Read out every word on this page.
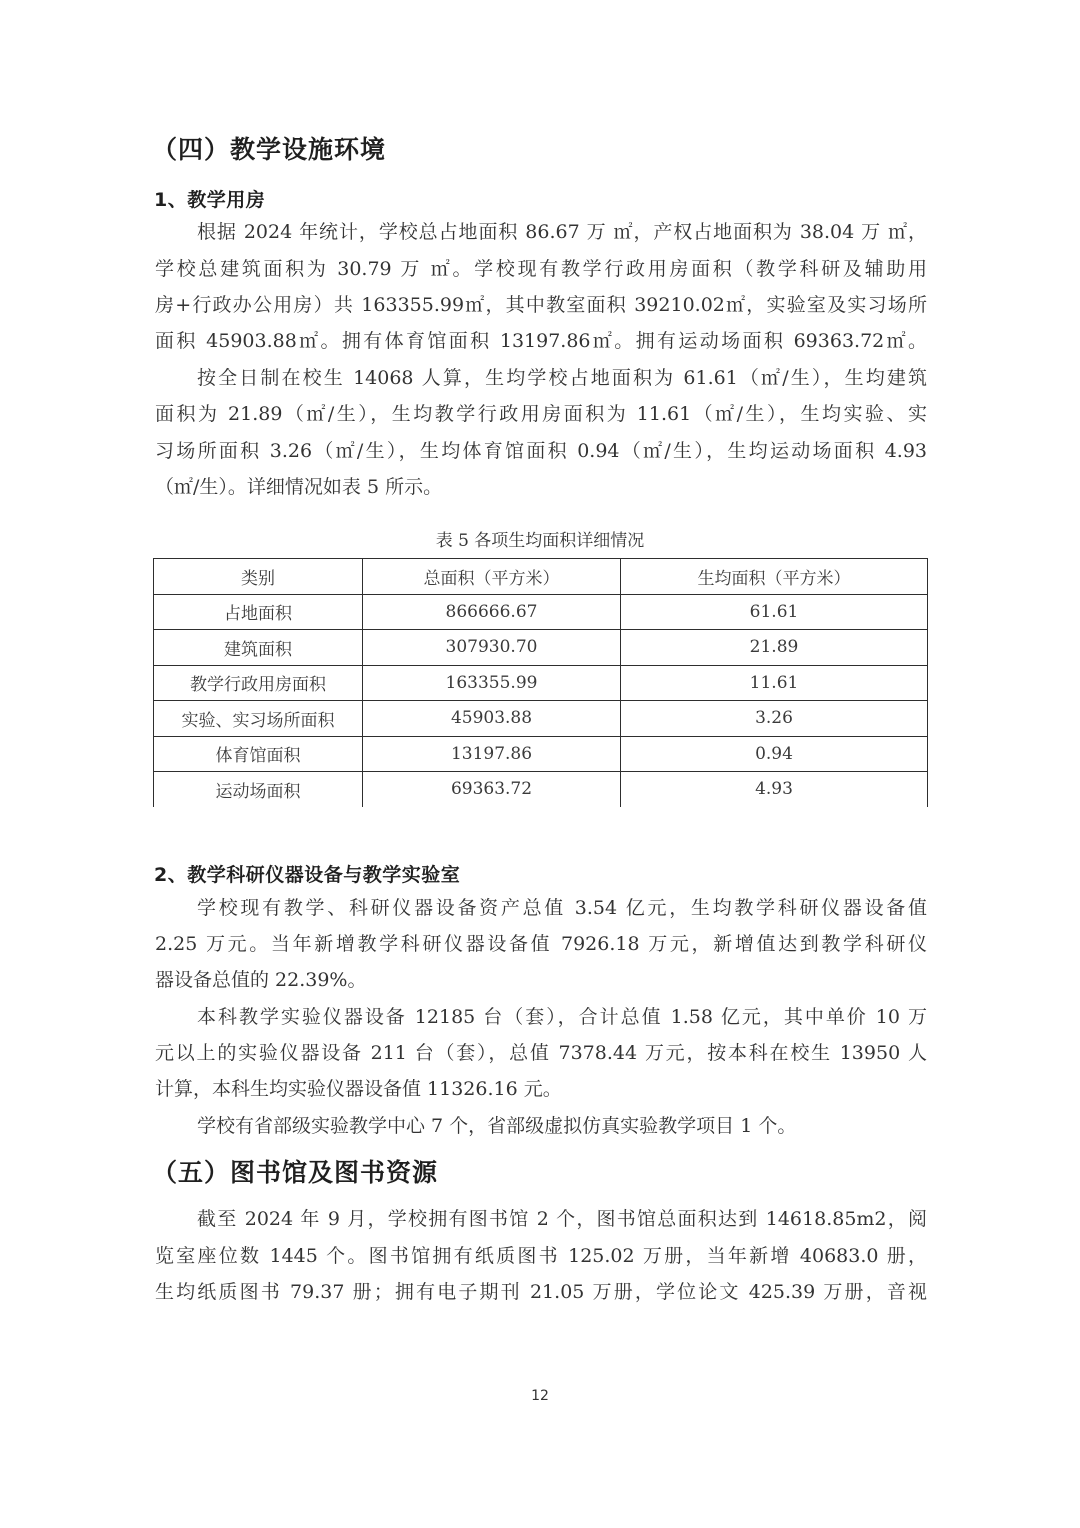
（四）教学设施环境
1、教学用房
根据 2024 年统计，学校总占地面积 86.67 万 ㎡，产权占地面积为 38.04 万 ㎡，
学校总建筑面积为 30.79 万 ㎡。学校现有教学行政用房面积（教学科研及辅助用
房+行政办公用房）共 163355.99㎡，其中教室面积 39210.02㎡，实验室及实习场所
面积 45903.88㎡。拥有体育馆面积 13197.86㎡。拥有运动场面积 69363.72㎡。
按全日制在校生 14068 人算，生均学校占地面积为 61.61（㎡/生），生均建筑
面积为 21.89（㎡/生），生均教学行政用房面积为 11.61（㎡/生），生均实验、实
习场所面积 3.26（㎡/生），生均体育馆面积 0.94（㎡/生），生均运动场面积 4.93
（㎡/生）。详细情况如表 5 所示。
表 5 各项生均面积详细情况
类别	总面积（平方米）	生均面积（平方米）
占地面积	866666.67	61.61
建筑面积	307930.70	21.89
教学行政用房面积	163355.99	11.61
实验、实习场所面积	45903.88	3.26
体育馆面积	13197.86	0.94
运动场面积	69363.72	4.93
2、教学科研仪器设备与教学实验室
学校现有教学、科研仪器设备资产总值 3.54 亿元，生均教学科研仪器设备值
2.25 万元。当年新增教学科研仪器设备值 7926.18 万元，新增值达到教学科研仪
器设备总值的 22.39%。
本科教学实验仪器设备 12185 台（套），合计总值 1.58 亿元，其中单价 10 万
元以上的实验仪器设备 211 台（套），总值 7378.44 万元，按本科在校生 13950 人
计算，本科生均实验仪器设备值 11326.16 元。
学校有省部级实验教学中心 7 个，省部级虚拟仿真实验教学项目 1 个。
（五）图书馆及图书资源
截至 2024 年 9 月，学校拥有图书馆 2 个，图书馆总面积达到 14618.85m2，阅
览室座位数 1445 个。图书馆拥有纸质图书 125.02 万册，当年新增 40683.0 册，
生均纸质图书 79.37 册；拥有电子期刊 21.05 万册，学位论文 425.39 万册，音视
12
